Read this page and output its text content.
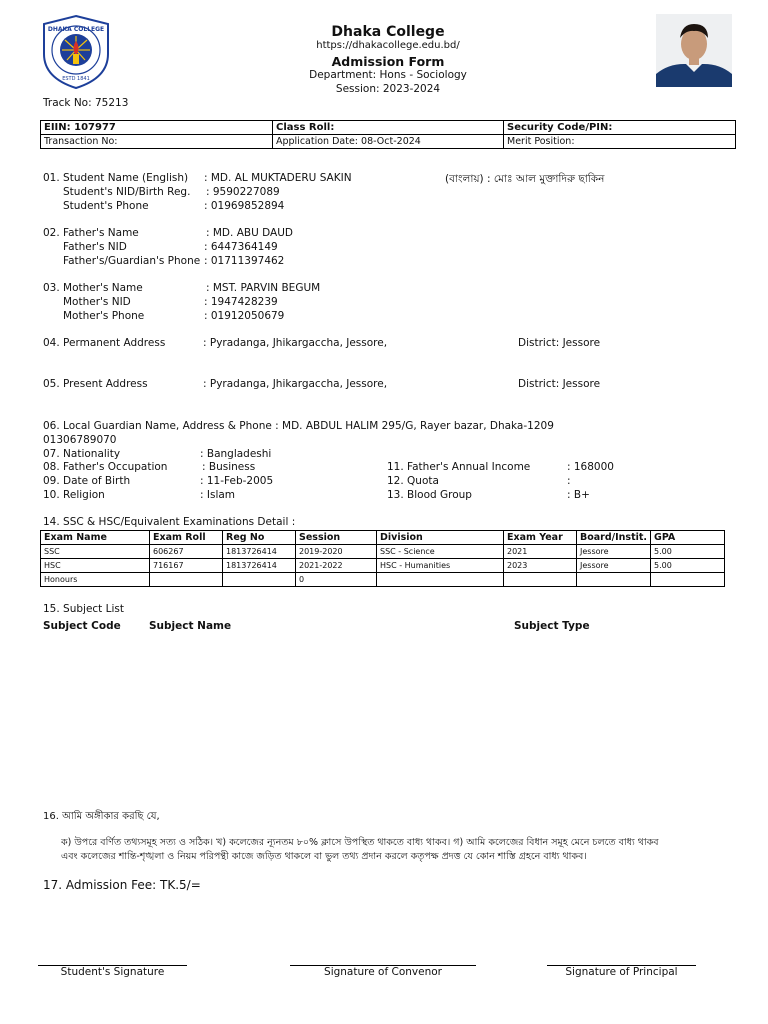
DHAKA COLLEGE
ESTD 1841
Dhaka College
https://dhakacollege.edu.bd/
Admission Form
Department: Hons - Sociology
Session: 2023-2024
Track No: 75213
EIIN: 107977	Class Roll:	Security Code/PIN:
Transaction No:	Application Date: 08-Oct-2024	Merit Position:
01. Student Name (English) : MD. AL MUKTADERU SAKIN	(বাংলায়) : মোঃ আল মুক্তাদিরু ছাকিন
Student's NID/Birth Reg. : 9590227089
Student's Phone	: 01969852894
02. Father's Name	: MD. ABU DAUD
Father's NID	: 6447364149
Father's/Guardian's Phone : 01711397462
03. Mother's Name	: MST. PARVIN BEGUM
Mother's NID	: 1947428239
Mother's Phone	: 01912050679
04. Permanent Address	: Pyradanga, Jhikargaccha, Jessore,	District: Jessore
05. Present Address	: Pyradanga, Jhikargaccha, Jessore,	District: Jessore
06. Local Guardian Name, Address & Phone : MD. ABDUL HALIM 295/G, Rayer bazar, Dhaka-1209
01306789070
07. Nationality	: Bangladeshi
08. Father's Occupation	: Business	11. Father's Annual Income	: 168000
09. Date of Birth	: 11-Feb-2005	12. Quota	:
10. Religion	: Islam	13. Blood Group	: B+
14. SSC & HSC/Equivalent Examinations Detail :
Exam Name	Exam Roll	Reg No	Session	Division	Exam Year	Board/Instit.	GPA
SSC	606267	1813726414	2019-2020	SSC - Science	2021	Jessore	5.00
HSC	716167	1813726414	2021-2022	HSC - Humanities	2023	Jessore	5.00
Honours			0				
15. Subject List
Subject Code	Subject Name	Subject Type
16. আমি অঙ্গীকার করছি যে,
ক) উপরে বর্ণিত তথ্যসমূহ সত্য ও সঠিক। খ) কলেজের ন্যূনতম ৮০% ক্লাসে উপস্থিত থাকতে বাধ্য থাকব। গ) আমি কলেজের বিধান সমূহ মেনে চলতে বাধ্য থাকব
এবং কলেজের শান্তি-শৃঙ্খলা ও নিয়ম পরিপন্থী কাজে জড়িত থাকলে বা ভুল তথ্য প্রদান করলে কতৃপক্ষ প্রদত্ত যে কোন শাস্তি গ্রহনে বাধ্য থাকব।
17. Admission Fee: TK.5/=
Student's Signature	Signature of Convenor	Signature of Principal
